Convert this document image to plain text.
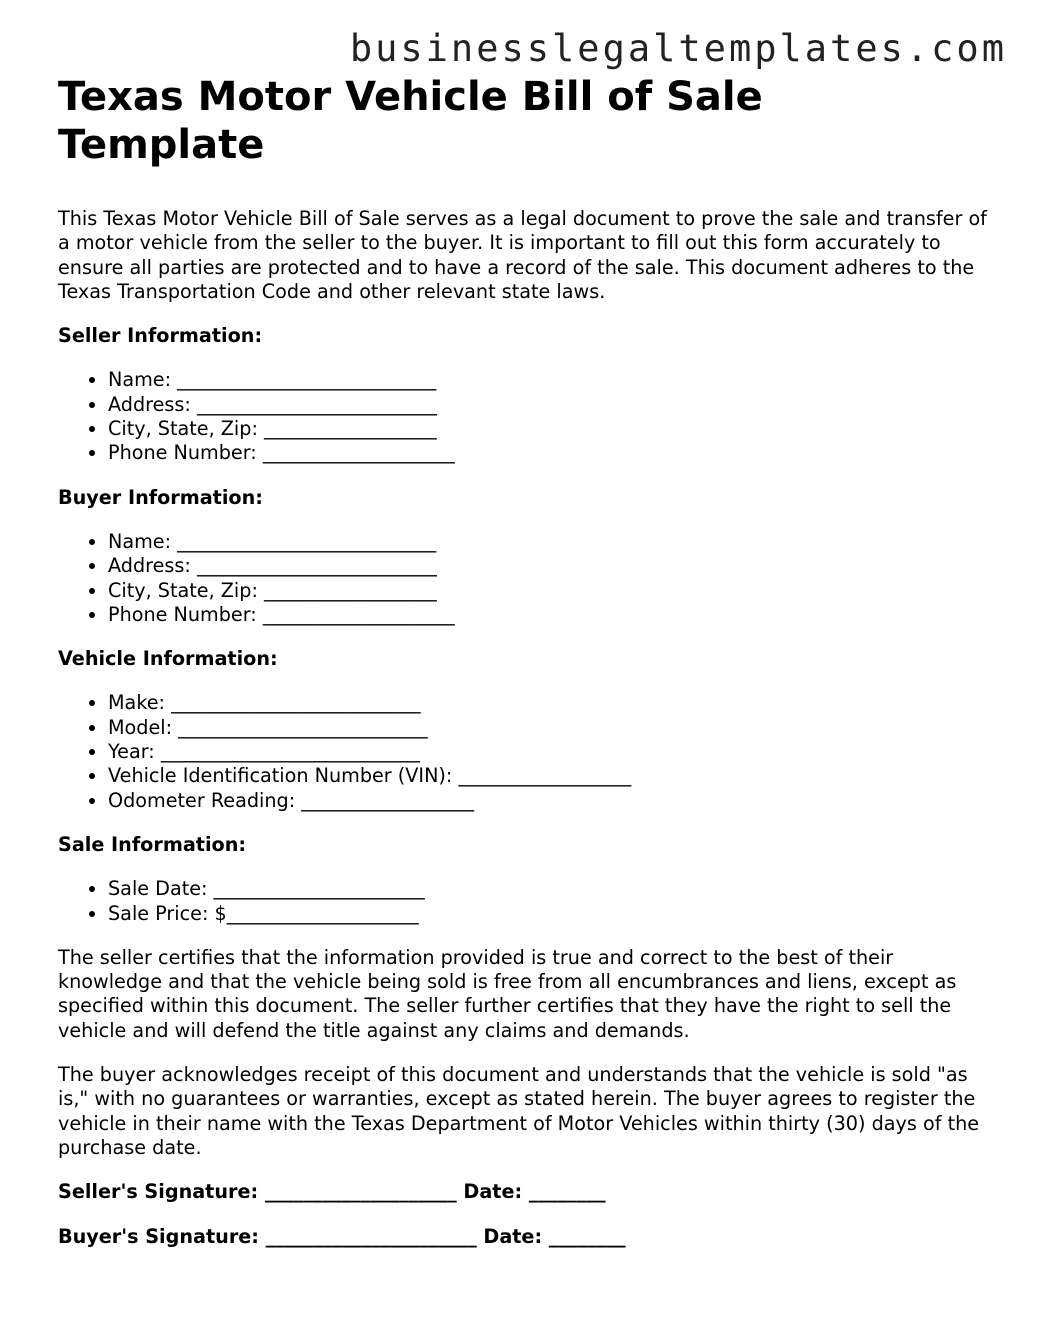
businesslegaltemplates.com
Texas Motor Vehicle Bill of Sale Template

This Texas Motor Vehicle Bill of Sale serves as a legal document to prove the sale and transfer of a motor vehicle from the seller to the buyer. It is important to fill out this form accurately to ensure all parties are protected and to have a record of the sale. This document adheres to the Texas Transportation Code and other relevant state laws.

Seller Information:
• Name: ___________________________
• Address: _________________________
• City, State, Zip: __________________
• Phone Number: ____________________
Buyer Information:
• Name: ___________________________
• Address: _________________________
• City, State, Zip: __________________
• Phone Number: ____________________
Vehicle Information:
• Make: __________________________
• Model: __________________________
• Year: ___________________________
• Vehicle Identification Number (VIN): __________________
• Odometer Reading: __________________
Sale Information:
• Sale Date: ______________________
• Sale Price: $____________________

The seller certifies that the information provided is true and correct to the best of their knowledge and that the vehicle being sold is free from all encumbrances and liens, except as specified within this document. The seller further certifies that they have the right to sell the vehicle and will defend the title against any claims and demands.

The buyer acknowledges receipt of this document and understands that the vehicle is sold "as is," with no guarantees or warranties, except as stated herein. The buyer agrees to register the vehicle in their name with the Texas Department of Motor Vehicles within thirty (30) days of the purchase date.

Seller's Signature: ____________________ Date: ________
Buyer's Signature: ______________________ Date: ________
